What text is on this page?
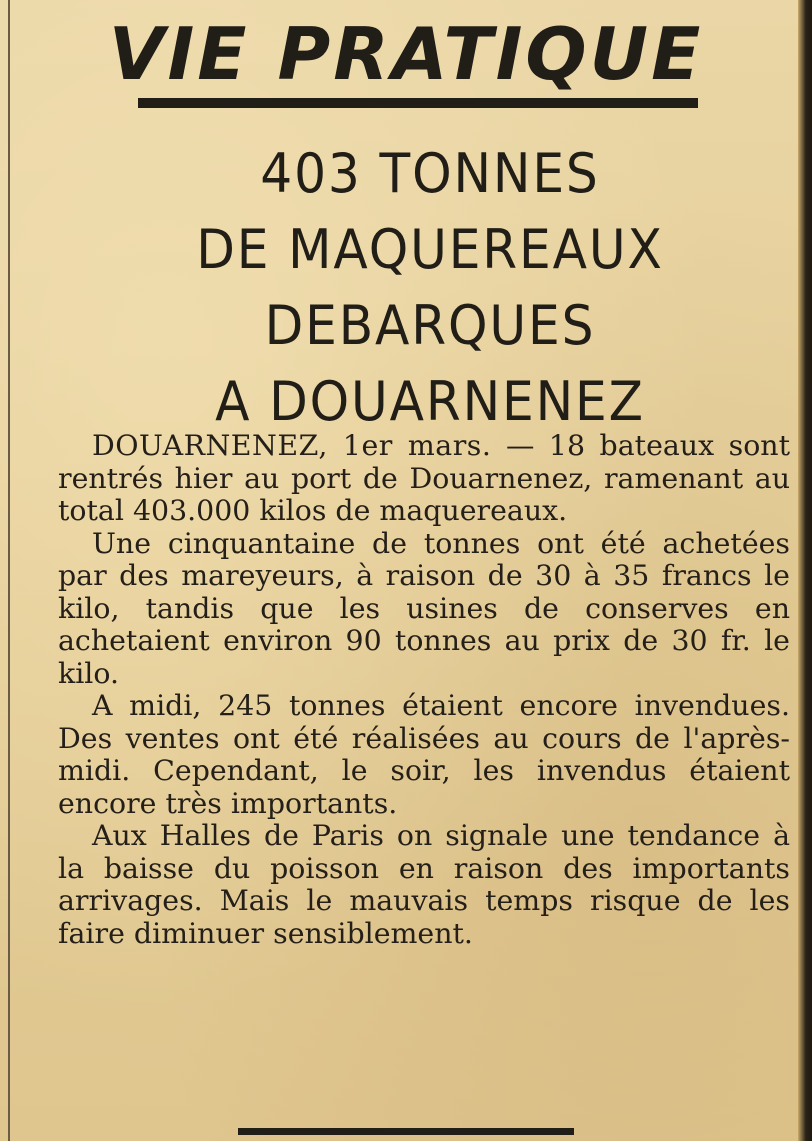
VIE PRATIQUE
403 TONNES
DE MAQUEREAUX
DEBARQUES
A DOUARNENEZ

DOUARNENEZ, 1er mars. — 18 bateaux sont rentrés hier au port de Douarnenez, ramenant au total 403.000 kilos de maquereaux.

Une cinquantaine de tonnes ont été achetées par des mareyeurs, à raison de 30 à 35 francs le kilo, tandis que les usines de conserves en achetaient environ 90 tonnes au prix de 30 fr. le kilo.

A midi, 245 tonnes étaient encore invendues. Des ventes ont été réalisées au cours de l'après-midi. Cependant, le soir, les invendus étaient encore très importants.

Aux Halles de Paris on signale une tendance à la baisse du poisson en raison des importants arrivages. Mais le mauvais temps risque de les faire diminuer sensiblement.
